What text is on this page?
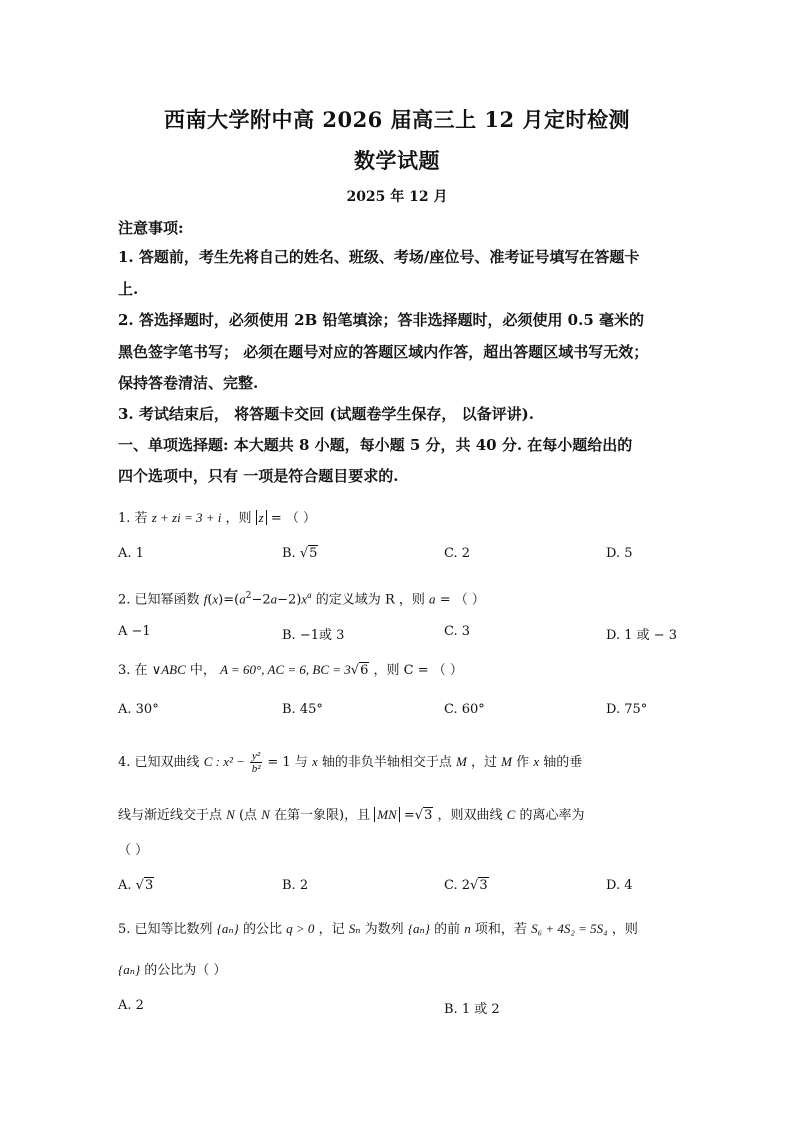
西南大学附中高 2026 届高三上 12 月定时检测
数学试题
2025 年 12 月
注意事项:
1. 答题前，考生先将自己的姓名、班级、考场/座位号、准考证号填写在答题卡
上.
2. 答选择题时，必须使用 2B 铅笔填涂；答非选择题时，必须使用 0.5 毫米的
黑色签字笔书写； 必须在题号对应的答题区域内作答，超出答题区域书写无效；
保持答卷清洁、完整.
3. 考试结束后， 将答题卡交回 (试题卷学生保存， 以备评讲).
一、单项选择题: 本大题共 8 小题，每小题 5 分，共 40 分. 在每小题给出的
四个选项中，只有 一项是符合题目要求的.
1. 若 z + zi = 3 + i ，则 z = （ ）
A. 1	B. √5	C. 2	D. 5
2. 已知幂函数 $f(x)=(a^2-2a-2)x^a$ 的定义域为 R ，则 a = （ ）
A −1	B. −1或 3	C. 3	D. 1 或 − 3
3. 在 ∨ABC 中， A = 60°, AC = 6, BC = 3√6 ，则 C = （ ）
A. 30°	B. 45°	C. 60°	D. 75°
4. 已知双曲线 C : $x^2 - \frac{\text{y²}}{\text{b²}} = 1$ 与 x 轴的非负半轴相交于点 M ，过 M 作 x 轴的垂
线与渐近线交于点 N (点 N 在第一象限)，且 MN =√3 ，则双曲线 C 的离心率为
（ ）
A. √3	B. 2	C. 2√3	D. 4
5. 已知等比数列 {aₙ} 的公比 q > 0 ，记 Sₙ 为数列 {aₙ} 的前 n 项和，若 S₆ + 4S₂ = 5S₄ ，则
{aₙ} 的公比为（ ）
A. 2	B. 1 或 2
